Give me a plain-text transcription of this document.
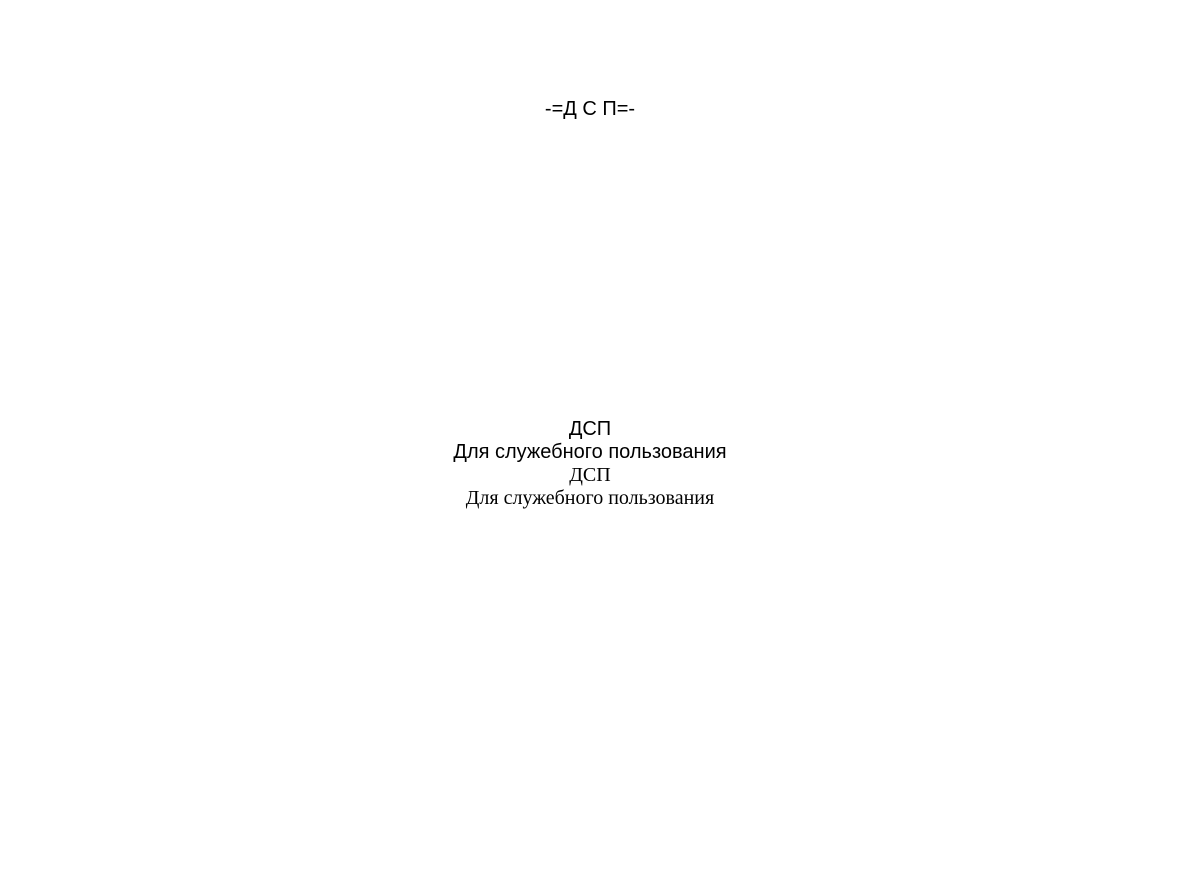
-=Д С П=-
ДСП
Для служебного пользования
ДСП
Для служебного пользования
